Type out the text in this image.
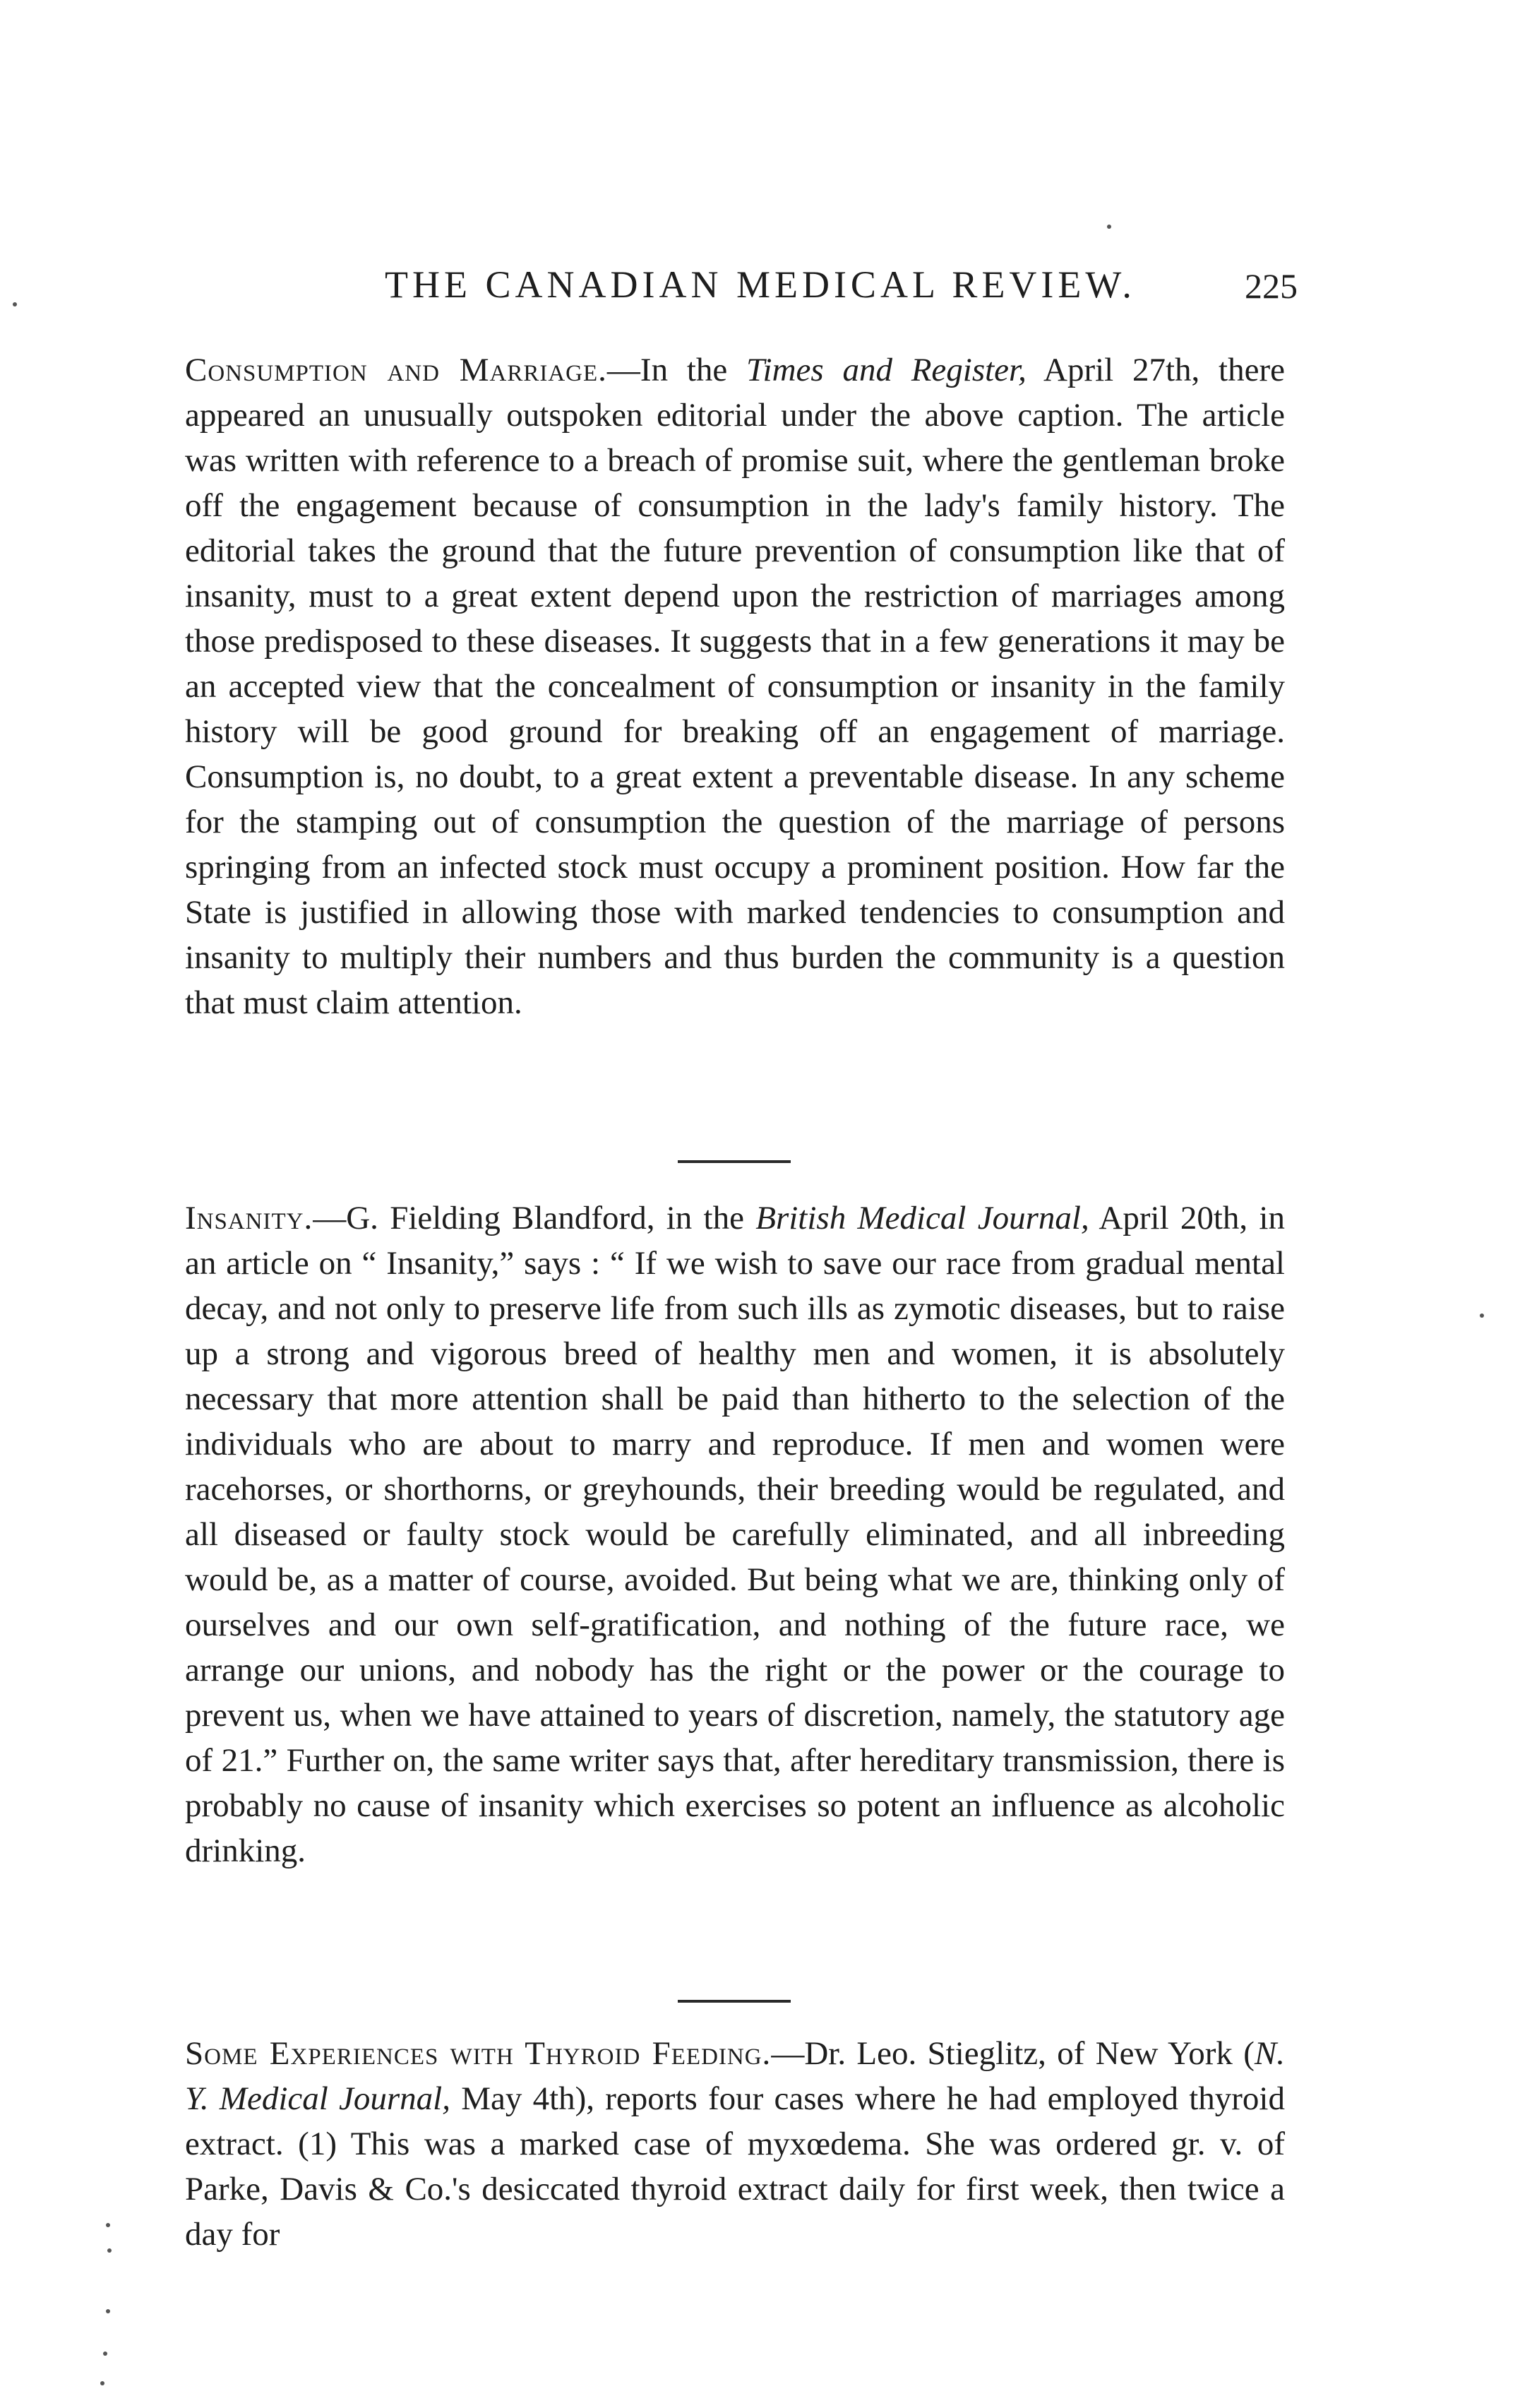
THE CANADIAN MEDICAL REVIEW.	225

Consumption and Marriage.—In the Times and Register, April 27th, there appeared an unusually outspoken editorial under the above caption. The article was written with reference to a breach of promise suit, where the gentleman broke off the engagement because of consumption in the lady's family history. The editorial takes the ground that the future prevention of consumption like that of insanity, must to a great extent depend upon the restriction of marriages among those predisposed to these diseases. It suggests that in a few generations it may be an accepted view that the concealment of consumption or insanity in the family history will be good ground for breaking off an engagement of marriage. Consumption is, no doubt, to a great extent a preventable disease. In any scheme for the stamping out of consumption the question of the marriage of persons springing from an infected stock must occupy a prominent position. How far the State is justified in allowing those with marked tendencies to consumption and insanity to multiply their numbers and thus burden the community is a question that must claim attention.

Insanity.—G. Fielding Blandford, in the British Medical Journal, April 20th, in an article on “ Insanity,” says : “ If we wish to save our race from gradual mental decay, and not only to preserve life from such ills as zymotic diseases, but to raise up a strong and vigorous breed of healthy men and women, it is absolutely necessary that more attention shall be paid than hitherto to the selection of the individuals who are about to marry and reproduce. If men and women were racehorses, or shorthorns, or greyhounds, their breeding would be regulated, and all diseased or faulty stock would be carefully eliminated, and all inbreeding would be, as a matter of course, avoided. But being what we are, thinking only of ourselves and our own self-gratification, and nothing of the future race, we arrange our unions, and nobody has the right or the power or the courage to prevent us, when we have attained to years of discretion, namely, the statutory age of 21.” Further on, the same writer says that, after hereditary transmission, there is probably no cause of insanity which exercises so potent an influence as alcoholic drinking.

Some Experiences with Thyroid Feeding.—Dr. Leo. Stieglitz, of New York (N. Y. Medical Journal, May 4th), reports four cases where he had employed thyroid extract. (1) This was a marked case of myxœdema. She was ordered gr. v. of Parke, Davis & Co.'s desiccated thyroid extract daily for first week, then twice a day for
